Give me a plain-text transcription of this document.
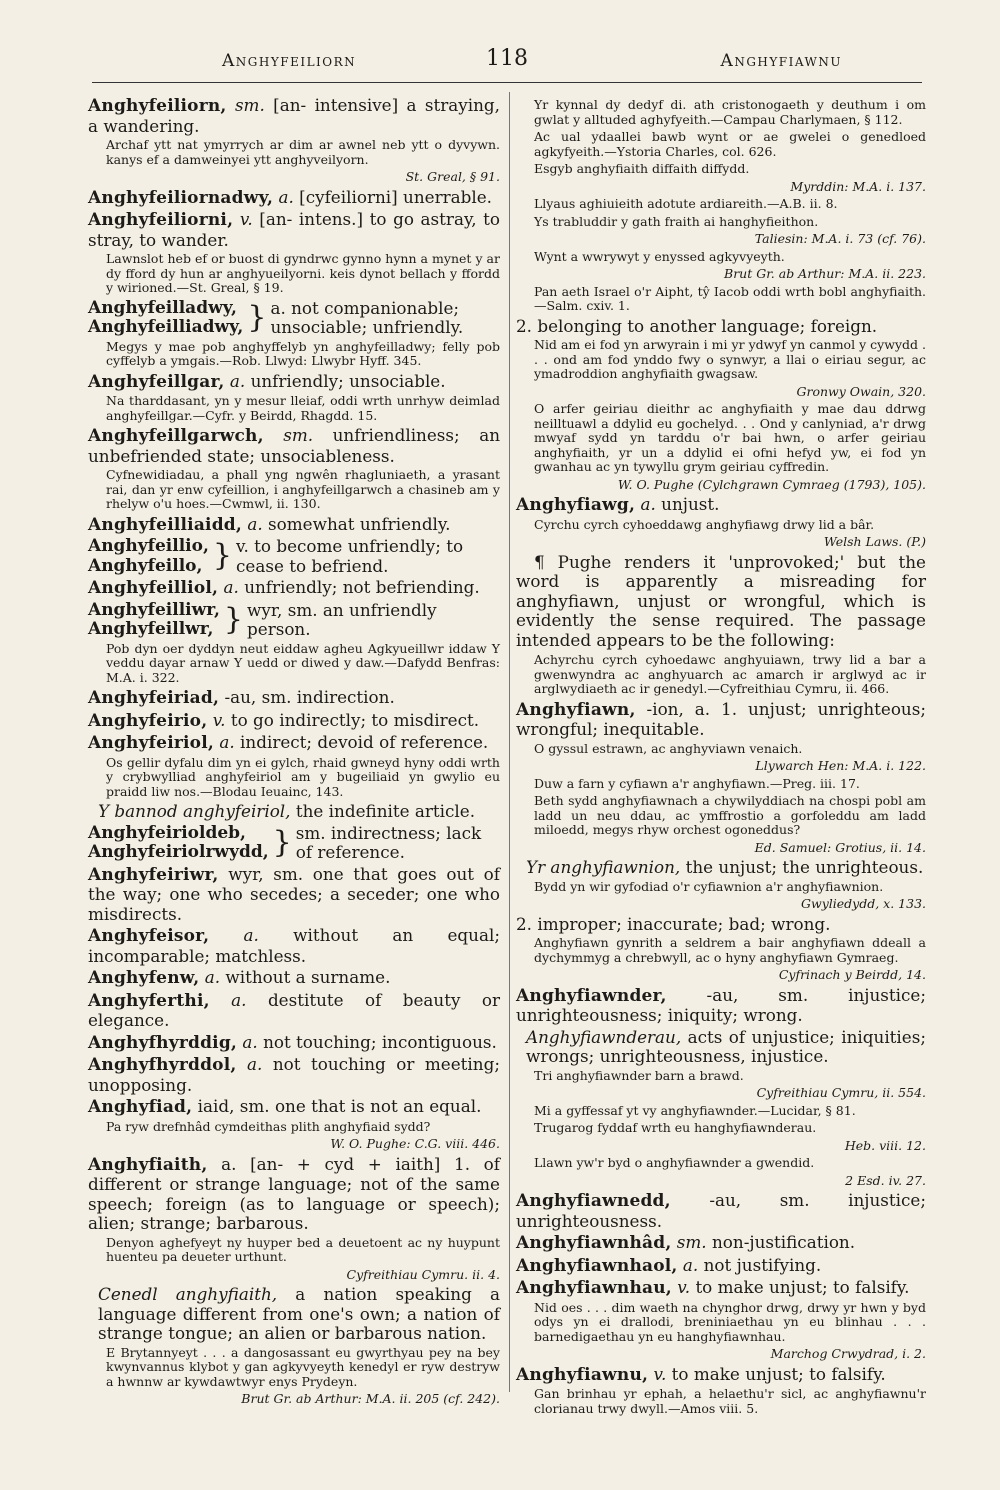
Anghyfeiliorn	118	Anghyfiawnu
Anghyfeiliorn, sm. [an- intensive] a straying, a wandering.
Archaf ytt nat ymyrrych ar dim ar awnel neb ytt o dyvywn. kanys ef a damweinyei ytt anghyveilyorn.
St. Greal, § 91.
Anghyfeiliornadwy, a. [cyfeiliorni] unerrable.
Anghyfeiliorni, v. [an- intens.] to go astray, to stray, to wander.
Lawnslot heb ef or buost di gyndrwc gynno hynn a mynet y ar dy fford dy hun ar anghyueilyorni. keis dynot bellach y ffordd y wirioned.—St. Greal, § 19.
Anghyfeilladwy,
Anghyfeilliadwy, } a. not companionable; unsociable; unfriendly.
Megys y mae pob anghyffelyb yn anghyfeilladwy; felly pob cyffelyb a ymgais.—Rob. Llwyd: Llwybr Hyff. 345.
Anghyfeillgar, a. unfriendly; unsociable.
Na tharddasant, yn y mesur lleiaf, oddi wrth unrhyw deimlad anghyfeillgar.—Cyfr. y Beirdd, Rhagdd. 15.
Anghyfeillgarwch, sm. unfriendliness; an unbefriended state; unsociableness.
Cyfnewidiadau, a phall yng ngwên rhagluniaeth, a yrasant rai, dan yr enw cyfeillion, i anghyfeillgarwch a chasineb am y rhelyw o'u hoes.—Cwmwl, ii. 130.
Anghyfeilliaidd, a. somewhat unfriendly.
Anghyfeillio,
Anghyfeillo, } v. to become unfriendly; to cease to befriend.
Anghyfeilliol, a. unfriendly; not befriending.
Anghyfeilliwr,
Anghyfeillwr, } wyr, sm. an unfriendly person.
Pob dyn oer dyddyn neut eiddaw agheu Agkyueillwr iddaw Y veddu dayar arnaw Y uedd or diwed y daw.—Dafydd Benfras: M.A. i. 322.
Anghyfeiriad, -au, sm. indirection.
Anghyfeirio, v. to go indirectly; to misdirect.
Anghyfeiriol, a. indirect; devoid of reference.
Os gellir dyfalu dim yn ei gylch, rhaid gwneyd hyny oddi wrth y crybwylliad anghyfeiriol am y bugeiliaid yn gwylio eu praidd liw nos.—Blodau Ieuainc, 143.
Y bannod anghyfeiriol, the indefinite article.
Anghyfeirioldeb,
Anghyfeiriolrwydd, } sm. indirectness; lack of reference.
Anghyfeiriwr, wyr, sm. one that goes out of the way; one who secedes; a seceder; one who misdirects.
Anghyfeisor, a. without an equal; incomparable; matchless.
Anghyfenw, a. without a surname.
Anghyferthi, a. destitute of beauty or elegance.
Anghyfhyrddig, a. not touching; incontiguous.
Anghyfhyrddol, a. not touching or meeting; unopposing.
Anghyfiad, iaid, sm. one that is not an equal.
Pa ryw drefnhâd cymdeithas plith anghyfiaid sydd?
W. O. Pughe: C.G. viii. 446.
Anghyfiaith, a. [an- + cyd + iaith] 1. of different or strange language; not of the same speech; foreign (as to language or speech); alien; strange; barbarous.
Denyon aghefyeyt ny huyper bed a deuetoent ac ny huypunt huenteu pa deueter urthunt.
Cyfreithiau Cymru. ii. 4.
Cenedl anghyfiaith, a nation speaking a language different from one's own; a nation of strange tongue; an alien or barbarous nation.
E Brytannyeyt . . . a dangosassant eu gwyrthyau pey na bey kwynvannus klybot y gan agkyvyeyth kenedyl er ryw destryw a hwnnw ar kywdawtwyr enys Prydeyn.
Brut Gr. ab Arthur: M.A. ii. 205 (cf. 242).
Yr kynnal dy dedyf di. ath cristonogaeth y deuthum i om gwlat y alltuded aghyfyeith.—Campau Charlymaen, § 112.
Ac ual ydaallei bawb wynt or ae gwelei o genedloed agkyfyeith.—Ystoria Charles, col. 626.
Esgyb anghyfiaith diffaith diffydd.
Myrddin: M.A. i. 137.
Llyaus aghiuieith adotute ardiareith.—A.B. ii. 8.
Ys trabluddir y gath fraith ai hanghyfieithon.
Taliesin: M.A. i. 73 (cf. 76).
Wynt a wwrywyt y enyssed agkyvyeyth.
Brut Gr. ab Arthur: M.A. ii. 223.
Pan aeth Israel o'r Aipht, tŷ Iacob oddi wrth bobl anghyfiaith.—Salm. cxiv. 1.
2. belonging to another language; foreign.
Nid am ei fod yn arwyrain i mi yr ydwyf yn canmol y cywydd . . . ond am fod ynddo fwy o synwyr, a llai o eiriau segur, ac ymadroddion anghyfiaith gwagsaw.
Gronwy Owain, 320.
O arfer geiriau dieithr ac anghyfiaith y mae dau ddrwg neilltuawl a ddylid eu gochelyd. . . Ond y canlyniad, a'r drwg mwyaf sydd yn tarddu o'r bai hwn, o arfer geiriau anghyfiaith, yr un a ddylid ei ofni hefyd yw, ei fod yn gwanhau ac yn tywyllu grym geiriau cyffredin.
W. O. Pughe (Cylchgrawn Cymraeg (1793), 105).
Anghyfiawg, a. unjust.
Cyrchu cyrch cyhoeddawg anghyfiawg drwy lid a bâr.
Welsh Laws. (P.)
¶ Pughe renders it 'unprovoked;' but the word is apparently a misreading for anghyfiawn, unjust or wrongful, which is evidently the sense required. The passage intended appears to be the following:
Achyrchu cyrch cyhoedawc anghyuiawn, trwy lid a bar a gwenwyndra ac anghyuarch ac amarch ir arglwyd ac ir arglwydiaeth ac ir genedyl.—Cyfreithiau Cymru, ii. 466.
Anghyfiawn, -ion, a. 1. unjust; unrighteous; wrongful; inequitable.
O gyssul estrawn, ac anghyviawn venaich.
Llywarch Hen: M.A. i. 122.
Duw a farn y cyfiawn a'r anghyfiawn.—Preg. iii. 17.
Beth sydd anghyfiawnach a chywilyddiach na chospi pobl am ladd un neu ddau, ac ymffrostio a gorfoleddu am ladd miloedd, megys rhyw orchest ogoneddus?
Ed. Samuel: Grotius, ii. 14.
Yr anghyfiawnion, the unjust; the unrighteous.
Bydd yn wir gyfodiad o'r cyfiawnion a'r anghyfiawnion.
Gwyliedydd, x. 133.
2. improper; inaccurate; bad; wrong.
Anghyfiawn gynrith a seldrem a bair anghyfiawn ddeall a dychymmyg a chrebwyll, ac o hyny anghyfiawn Gymraeg.
Cyfrinach y Beirdd, 14.
Anghyfiawnder, -au, sm. injustice; unrighteousness; iniquity; wrong.
Anghyfiawnderau, acts of unjustice; iniquities; wrongs; unrighteousness, injustice.
Tri anghyfiawnder barn a brawd.
Cyfreithiau Cymru, ii. 554.
Mi a gyffessaf yt vy anghyfiawnder.—Lucidar, § 81.
Trugarog fyddaf wrth eu hanghyfiawnderau.
Heb. viii. 12.
Llawn yw'r byd o anghyfiawnder a gwendid.
2 Esd. iv. 27.
Anghyfiawnedd, -au, sm. injustice; unrighteousness.
Anghyfiawnhâd, sm. non-justification.
Anghyfiawnhaol, a. not justifying.
Anghyfiawnhau, v. to make unjust; to falsify.
Nid oes . . . dim waeth na chynghor drwg, drwy yr hwn y byd odys yn ei drallodi, breniniaethau yn eu blinhau . . . barnedigaethau yn eu hanghyfiawnhau.
Marchog Crwydrad, i. 2.
Anghyfiawnu, v. to make unjust; to falsify.
Gan brinhau yr ephah, a helaethu'r sicl, ac anghyfiawnu'r clorianau trwy dwyll.—Amos viii. 5.
